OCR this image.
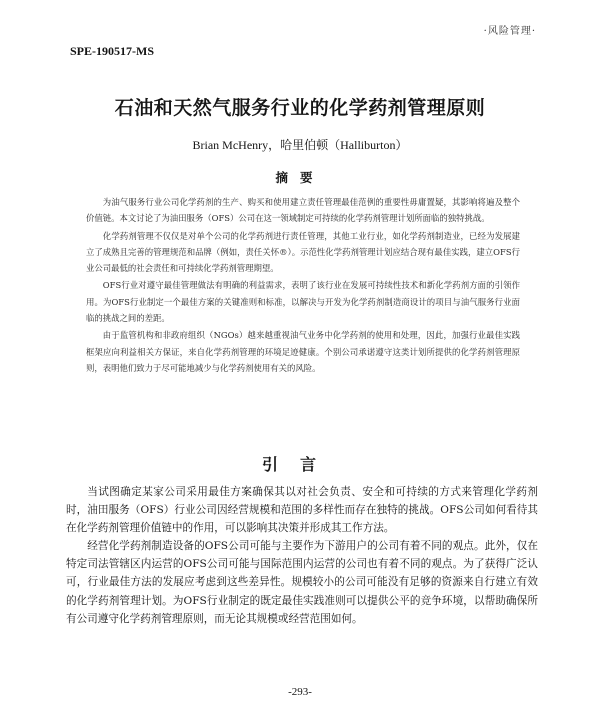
·风险管理·
SPE-190517-MS
石油和天然气服务行业的化学药剂管理原则
Brian McHenry，哈里伯顿（Halliburton）
摘要

为油气服务行业公司化学药剂的生产、购买和使用建立责任管理最佳范例的重要性毋庸置疑，其影响将遍及整个价值链。本文讨论了为油田服务（OFS）公司在这一领域制定可持续的化学药剂管理计划所面临的独特挑战。

化学药剂管理不仅仅是对单个公司的化学药剂进行责任管理，其他工业行业，如化学药剂制造业，已经为发展建立了成熟且完善的管理规范和品牌（例如，责任关怀®）。示范性化学药剂管理计划应结合现有最佳实践，建立OFS行业公司最低的社会责任和可持续化学药剂管理期望。

OFS行业对遵守最佳管理做法有明确的利益需求，表明了该行业在发展可持续性技术和新化学药剂方面的引领作用。为OFS行业制定一个最佳方案的关键准则和标准，以解决与开发为化学药剂制造商设计的项目与油气服务行业面临的挑战之间的差距。

由于监管机构和非政府组织（NGOs）越来越重视油气业务中化学药剂的使用和处理，因此，加强行业最佳实践框架应向利益相关方保证，来自化学药剂管理的环境足迹健康。个别公司承诺遵守这类计划所提供的化学药剂管理原则，表明他们致力于尽可能地减少与化学药剂使用有关的风险。

引言

当试图确定某家公司采用最佳方案确保其以对社会负责、安全和可持续的方式来管理化学药剂时，油田服务（OFS）行业公司因经营规模和范围的多样性而存在独特的挑战。OFS公司如何看待其在化学药剂管理价值链中的作用，可以影响其决策并形成其工作方法。

经营化学药剂制造设备的OFS公司可能与主要作为下游用户的公司有着不同的观点。此外，仅在特定司法管辖区内运营的OFS公司可能与国际范围内运营的公司也有着不同的观点。为了获得广泛认可，行业最佳方法的发展应考虑到这些差异性。规模较小的公司可能没有足够的资源来自行建立有效的化学药剂管理计划。为OFS行业制定的既定最佳实践准则可以提供公平的竞争环境，以帮助确保所有公司遵守化学药剂管理原则，而无论其规模或经营范围如何。

-293-
